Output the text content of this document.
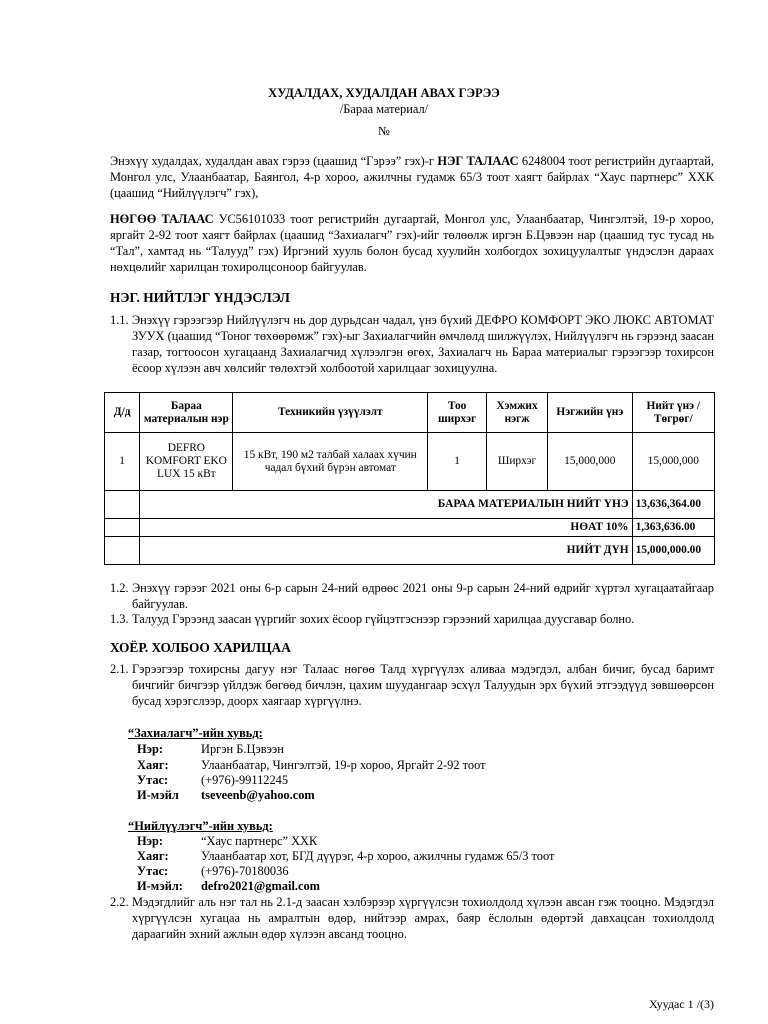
ХУДАЛДАХ, ХУДАЛДАН АВАХ ГЭРЭЭ
/Бараа материал/
№
Энэхүү худалдах, худалдан авах гэрээ (цаашид “Гэрээ” гэх)-г НЭГ ТАЛААС 6248004 тоот регистрийн дугаартай, Монгол улс, Улаанбаатар, Баянгол, 4-р хороо, ажилчны гудамж 65/3 тоот хаягт байрлах “Хаус партнерс” ХХК (цаашид “Нийлүүлэгч” гэх),
НӨГӨӨ ТАЛААС УС56101033 тоот регистрийн дугаартай, Монгол улс, Улаанбаатар, Чингэлтэй, 19-р хороо, яргайт 2-92 тоот хаягт байрлах (цаашид “Захиалагч” гэх)-ийг төлөөлж иргэн Б.Цэвээн нар (цаашид тус тусад нь “Тал”, хамтад нь “Талууд” гэх) Иргэний хууль болон бусад хуулийн холбогдох зохицуулалтыг үндэслэн дараах нөхцөлийг харилцан тохиролцсоноор байгуулав.
НЭГ. НИЙТЛЭГ ҮНДЭСЛЭЛ
1.1. Энэхүү гэрээгээр Нийлүүлэгч нь дор дурьдсан чадал, үнэ бүхий ДЕФРО КОМФОРТ ЭКО ЛЮКС АВТОМАТ ЗУУХ (цаашид “Тоног төхөөрөмж” гэх)-ыг Захиалагчийн өмчлөлд шилжүүлэх, Нийлүүлэгч нь гэрээнд заасан газар, тогтоосон хугацаанд Захиалагчид хүлээлгэн өгөх, Захиалагч нь Бараа материалыг гэрээгээр тохирсон ёсоор хүлээн авч хөлсийг төлөхтэй холбоотой харилцааг зохицуулна.
Д/д	Бараа материалын нэр	Техникийн үзүүлэлт	Тоо ширхэг	Хэмжих нэгж	Нэгжийн үнэ	Нийт үнэ /Төгрөг/
1	DEFRO KOMFORT EKO LUX 15 кВт	15 кВт, 190 м2 талбай халаах хүчин чадал бүхий бүрэн автомат	1	Ширхэг	15,000,000	15,000,000
	БАРАА МАТЕРИАЛЫН НИЙТ ҮНЭ					13,636,364.00
	НӨАТ 10%					1,363,636.00
	НИЙТ ДҮН					15,000,000.00
1.2. Энэхүү гэрээг 2021 оны 6-р сарын 24-ний өдрөөс 2021 оны 9-р сарын 24-ний өдрийг хүртэл хугацаатайгаар байгуулав.
1.3. Талууд Гэрээнд заасан үүргийг зохих ёсоор гүйцэтгэснээр гэрээний харилцаа дуусгавар болно.
ХОЁР. ХОЛБОО ХАРИЛЦАА
2.1. Гэрээгээр тохирсны дагуу нэг Талаас нөгөө Талд хүргүүлэх аливаа мэдэгдэл, албан бичиг, бусад баримт бичгийг бичгээр үйлдэж бөгөөд бичлэн, цахим шуудангаар эсхүл Талуудын эрх бүхий этгээдүүд зөвшөөрсөн бусад хэрэгслээр, доорх хаягаар хүргүүлнэ.
“Захиалагч”-ийн хувьд:
Нэр:	Иргэн Б.Цэвээн
Хаяг:	Улаанбаатар, Чингэлтэй, 19-р хороо, Яргайт 2-92 тоот
Утас:	(+976)-99112245
И-мэйл tseveenb@yahoo.com
“Нийлүүлэгч”-ийн хувьд:
Нэр:	“Хаус партнерс” ХХК
Хаяг:	Улаанбаатар хот, БГД дүүрэг, 4-р хороо, ажилчны гудамж 65/3 тоот
Утас:	(+976)-70180036
И-мэйл: defro2021@gmail.com
2.2. Мэдэгдлийг аль нэг тал нь 2.1-д заасан хэлбэрээр хүргүүлсэн тохиолдолд хүлээн авсан гэж тооцно. Мэдэгдэл хүргүүлсэн хугацаа нь амралтын өдөр, нийтээр амрах, баяр ёслолын өдөртэй давхацсан тохиолдолд дараагийн эхний ажлын өдөр хүлээн авсанд тооцно.
Хуудас 1 /(3)
